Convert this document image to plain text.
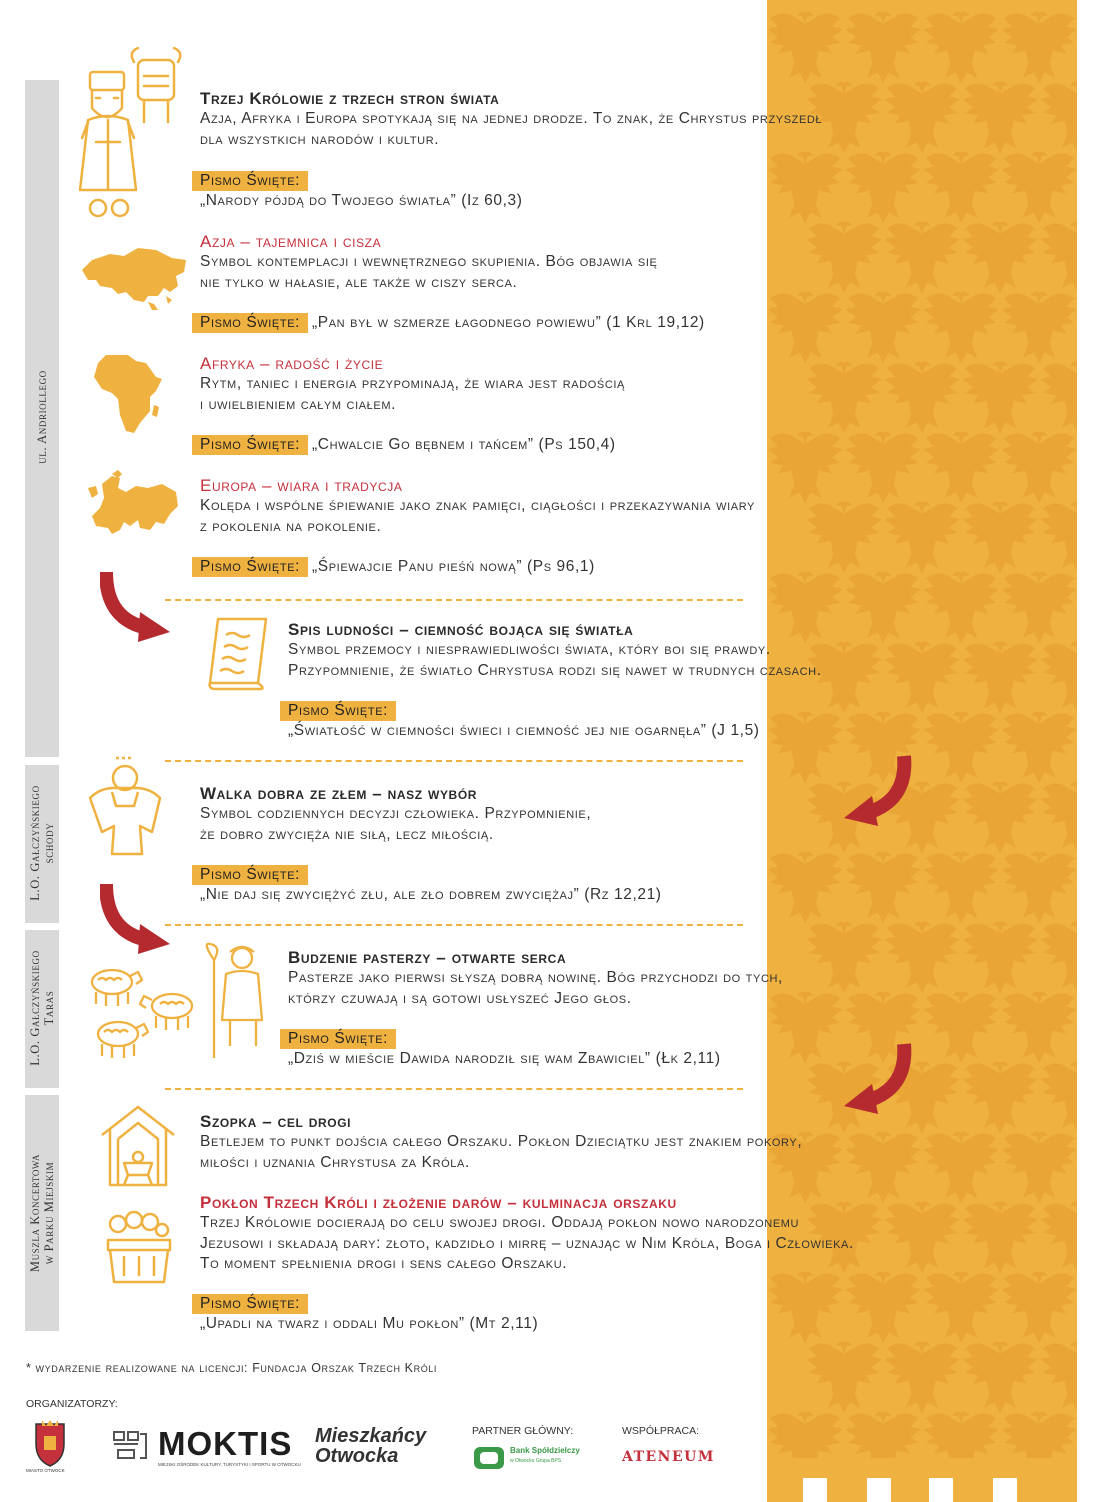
ul. Andriollego
L.O. Gałczyńskiego schody
L.O. Gałczyńskiego Taras
Muszla Koncertowa w Parku Miejskim
Trzej Królowie z trzech stron świata
Azja, Afryka i Europa spotykają się na jednej drodze. To znak, że Chrystus przyszedł
dla wszystkich narodów i kultur.
Pismo Święte:
„Narody pójdą do Twojego światła” (Iz 60,3)
Azja – tajemnica i cisza
Symbol kontemplacji i wewnętrznego skupienia. Bóg objawia się
nie tylko w hałasie, ale także w ciszy serca.
Pismo Święte: „Pan był w szmerze łagodnego powiewu” (1 Krl 19,12)
Afryka – radość i życie
Rytm, taniec i energia przypominają, że wiara jest radością
i uwielbieniem całym ciałem.
Pismo Święte: „Chwalcie Go bębnem i tańcem” (Ps 150,4)
Europa – wiara i tradycja
Kolęda i wspólne śpiewanie jako znak pamięci, ciągłości i przekazywania wiary
z pokolenia na pokolenie.
Pismo Święte: „Śpiewajcie Panu pieśń nową” (Ps 96,1)
Spis ludności – ciemność bojąca się światła
Symbol przemocy i niesprawiedliwości świata, który boi się prawdy.
Przypomnienie, że światło Chrystusa rodzi się nawet w trudnych czasach.
Pismo Święte:
„Światłość w ciemności świeci i ciemność jej nie ogarnęła” (J 1,5)
Walka dobra ze złem – nasz wybór
Symbol codziennych decyzji człowieka. Przypomnienie,
że dobro zwycięża nie siłą, lecz miłością.
Pismo Święte:
„Nie daj się zwyciężyć złu, ale zło dobrem zwyciężaj” (Rz 12,21)
Budzenie pasterzy – otwarte serca
Pasterze jako pierwsi słyszą dobrą nowinę. Bóg przychodzi do tych,
którzy czuwają i są gotowi usłyszeć Jego głos.
Pismo Święte:
„Dziś w mieście Dawida narodził się wam Zbawiciel” (Łk 2,11)
Szopka – cel drogi
Betlejem to punkt dojścia całego Orszaku. Pokłon Dzieciątku jest znakiem pokory,
miłości i uznania Chrystusa za Króla.
Pokłon Trzech Króli i złożenie darów – kulminacja orszaku
Trzej Królowie docierają do celu swojej drogi. Oddają pokłon nowo narodzonemu
Jezusowi i składają dary: złoto, kadzidło i mirrę – uznając w Nim Króla, Boga i Człowieka.
To moment spełnienia drogi i sens całego Orszaku.
Pismo Święte:
„Upadli na twarz i oddali Mu pokłon” (Mt 2,11)
* wydarzenie realizowane na licencji: Fundacja Orszak Trzech Króli
ORGANIZATORZY:
MIASTO OTWOCK
MOKTIS
MIEJSKI OŚRODEK KULTURY, TURYSTYKI I SPORTU W OTWOCKU
Mieszkańcy
Otwocka
PARTNER GŁÓWNY:
Bank Spółdzielczy
w Otwocku Grupa BPS
WSPÓŁPRACA:
ATENEUM
